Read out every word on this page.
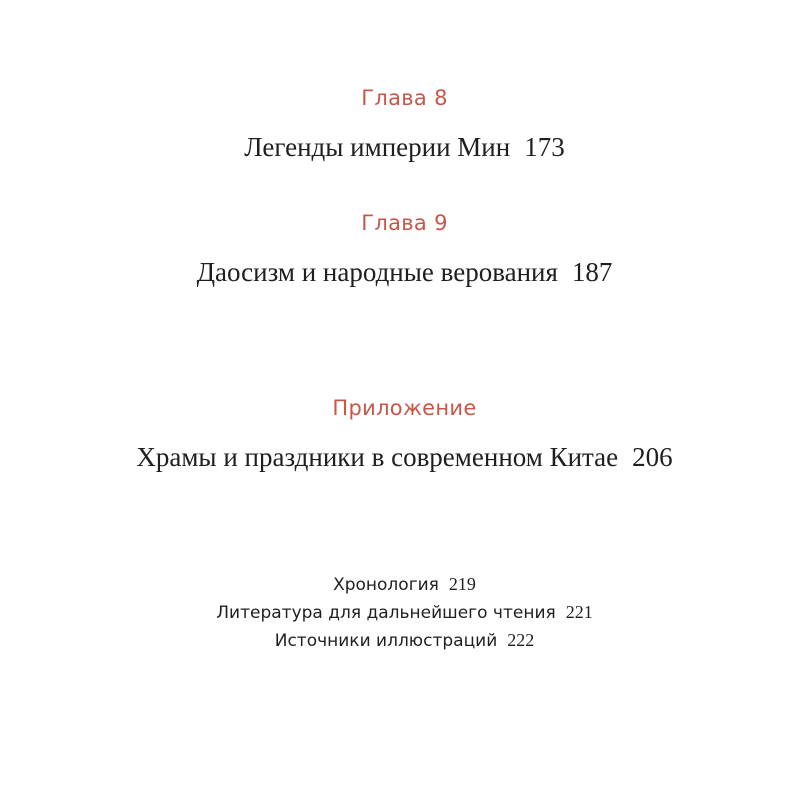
Глава 8
Легенды империи Мин 173
Глава 9
Даосизм и народные верования 187
Приложение
Храмы и праздники в современном Китае 206
Хронология 219
Литература для дальнейшего чтения 221
Источники иллюстраций 222
